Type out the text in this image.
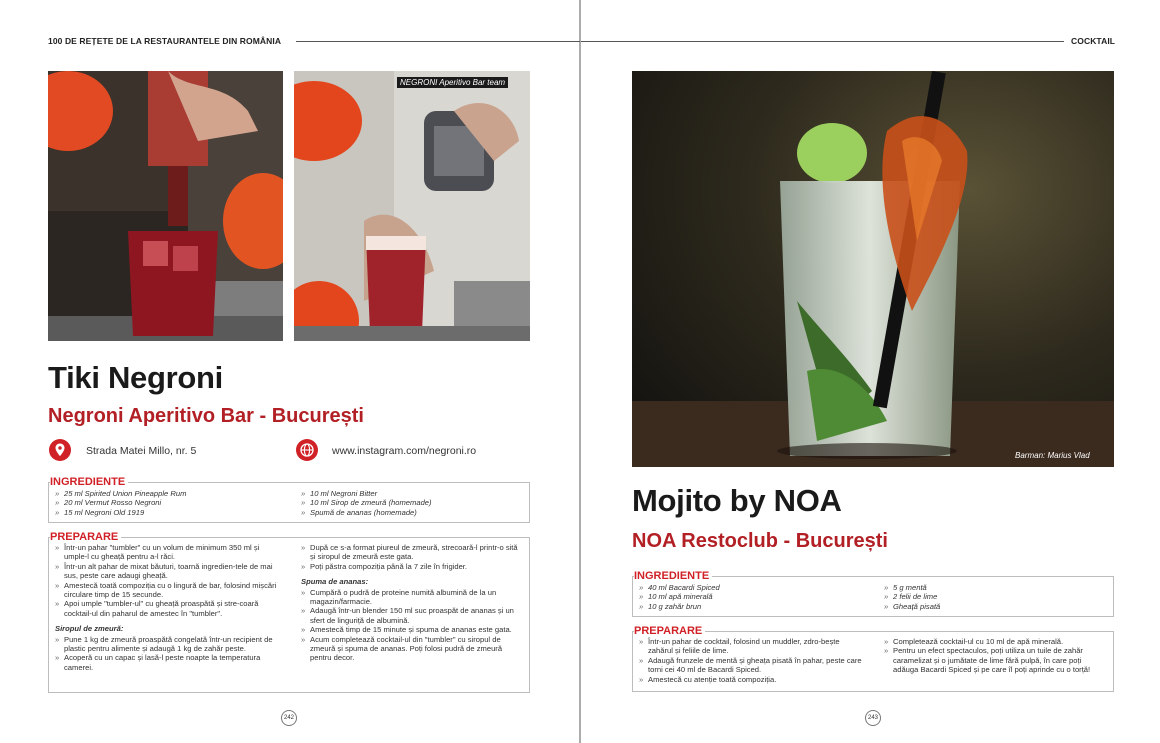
100 DE REȚETE DE LA RESTAURANTELE DIN ROMÂNIA
NEGRONI Aperitivo Bar team
Tiki Negroni
Negroni Aperitivo Bar - București
Strada Matei Millo, nr. 5	www.instagram.com/negroni.ro
INGREDIENTE
» 25 ml Spirited Union Pineapple Rum
» 20 ml Vermut Rosso Negroni
» 15 ml Negroni Old 1919
» 10 ml Negroni Bitter
» 10 ml Sirop de zmeură (homemade)
» Spumă de ananas (homemade)
PREPARARE
» Într-un pahar "tumbler" cu un volum de minimum 350 ml și umple-l cu gheață pentru a-l răci.
» Într-un alt pahar de mixat băuturi, toarnă ingredien-tele de mai sus, peste care adaugi gheață.
» Amestecă toată compoziția cu o lingură de bar, folosind mișcări circulare timp de 15 secunde.
» Apoi umple "tumbler-ul" cu gheață proaspătă și stre-coară cocktail-ul din paharul de amestec în "tumbler".
Siropul de zmeură:
» Pune 1 kg de zmeură proaspătă congelată într-un recipient de plastic pentru alimente și adaugă 1 kg de zahăr peste.
» Acoperă cu un capac și lasă-l peste noapte la temperatura camerei.
» După ce s-a format piureul de zmeură, strecoară-l printr-o sită și siropul de zmeură este gata.
» Poți păstra compoziția până la 7 zile în frigider.
Spuma de ananas:
» Cumpără o pudră de proteine numită albumină de la un magazin/farmacie.
» Adaugă într-un blender 150 ml suc proaspăt de ananas și un sfert de linguriță de albumină.
» Amestecă timp de 15 minute și spuma de ananas este gata.
» Acum completează cocktail-ul din "tumbler" cu siropul de zmeură și spuma de ananas. Poți folosi pudră de zmeură pentru decor.
242
COCKTAIL
Barman: Marius Vlad
Mojito by NOA
NOA Restoclub - București
INGREDIENTE
» 40 ml Bacardi Spiced
» 10 ml apă minerală
» 10 g zahăr brun
» 5 g mentă
» 2 felii de lime
» Gheață pisată
PREPARARE
» Într-un pahar de cocktail, folosind un muddler, zdro-bește zahărul și feliile de lime.
» Adaugă frunzele de mentă și gheața pisată în pahar, peste care torni cei 40 ml de Bacardi Spiced.
» Amestecă cu atenție toată compoziția.
» Completează cocktail-ul cu 10 ml de apă minerală.
» Pentru un efect spectaculos, poți utiliza un tuile de zahăr caramelizat și o jumătate de lime fără pulpă, în care poți adăuga Bacardi Spiced și pe care îl poți aprinde cu o torță!
243
